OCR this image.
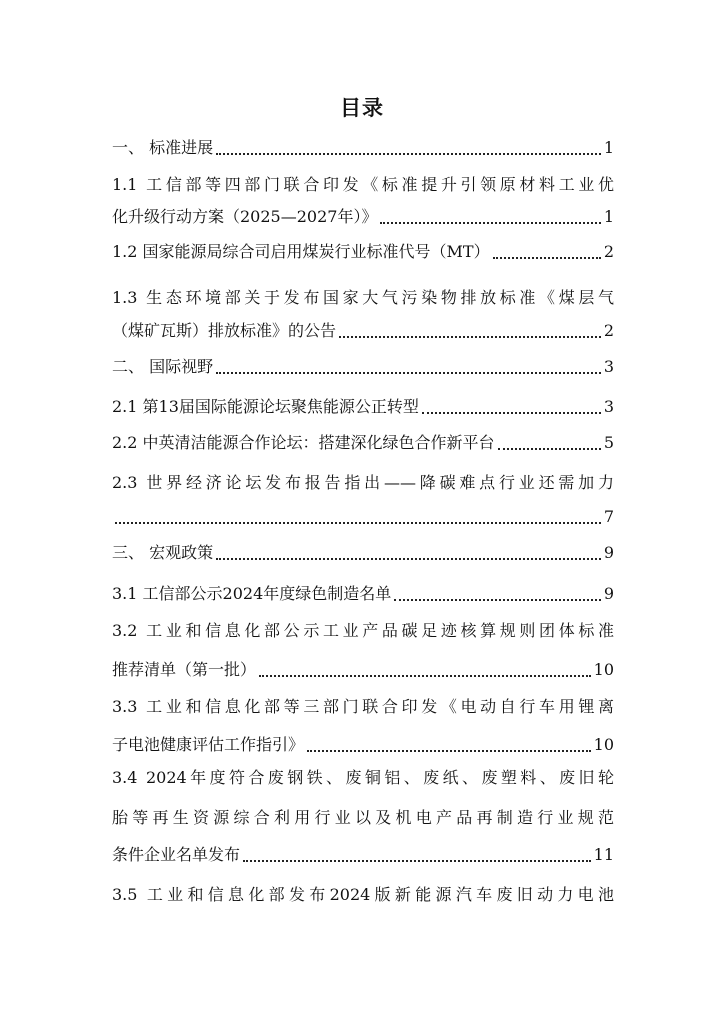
目录
一、 标准进展	1
1.1 工信部等四部门联合印发《标准提升引领原材料工业优
化升级行动方案（2025—2027年）》	1
1.2 国家能源局综合司启用煤炭行业标准代号（MT）	2
1.3 生态环境部关于发布国家大气污染物排放标准《煤层气
（煤矿瓦斯）排放标准》的公告	2
二、 国际视野	3
2.1 第13届国际能源论坛聚焦能源公正转型	3
2.2 中英清洁能源合作论坛：搭建深化绿色合作新平台	5
2.3 世界经济论坛发布报告指出——降碳难点行业还需加力
7
三、 宏观政策	9
3.1 工信部公示2024年度绿色制造名单	9
3.2 工业和信息化部公示工业产品碳足迹核算规则团体标准
推荐清单（第一批）	10
3.3 工业和信息化部等三部门联合印发《电动自行车用锂离
子电池健康评估工作指引》	10
3.4 2024年度符合废钢铁、废铜铝、废纸、废塑料、废旧轮
胎等再生资源综合利用行业以及机电产品再制造行业规范
条件企业名单发布	11
3.5 工业和信息化部发布2024版新能源汽车废旧动力电池
